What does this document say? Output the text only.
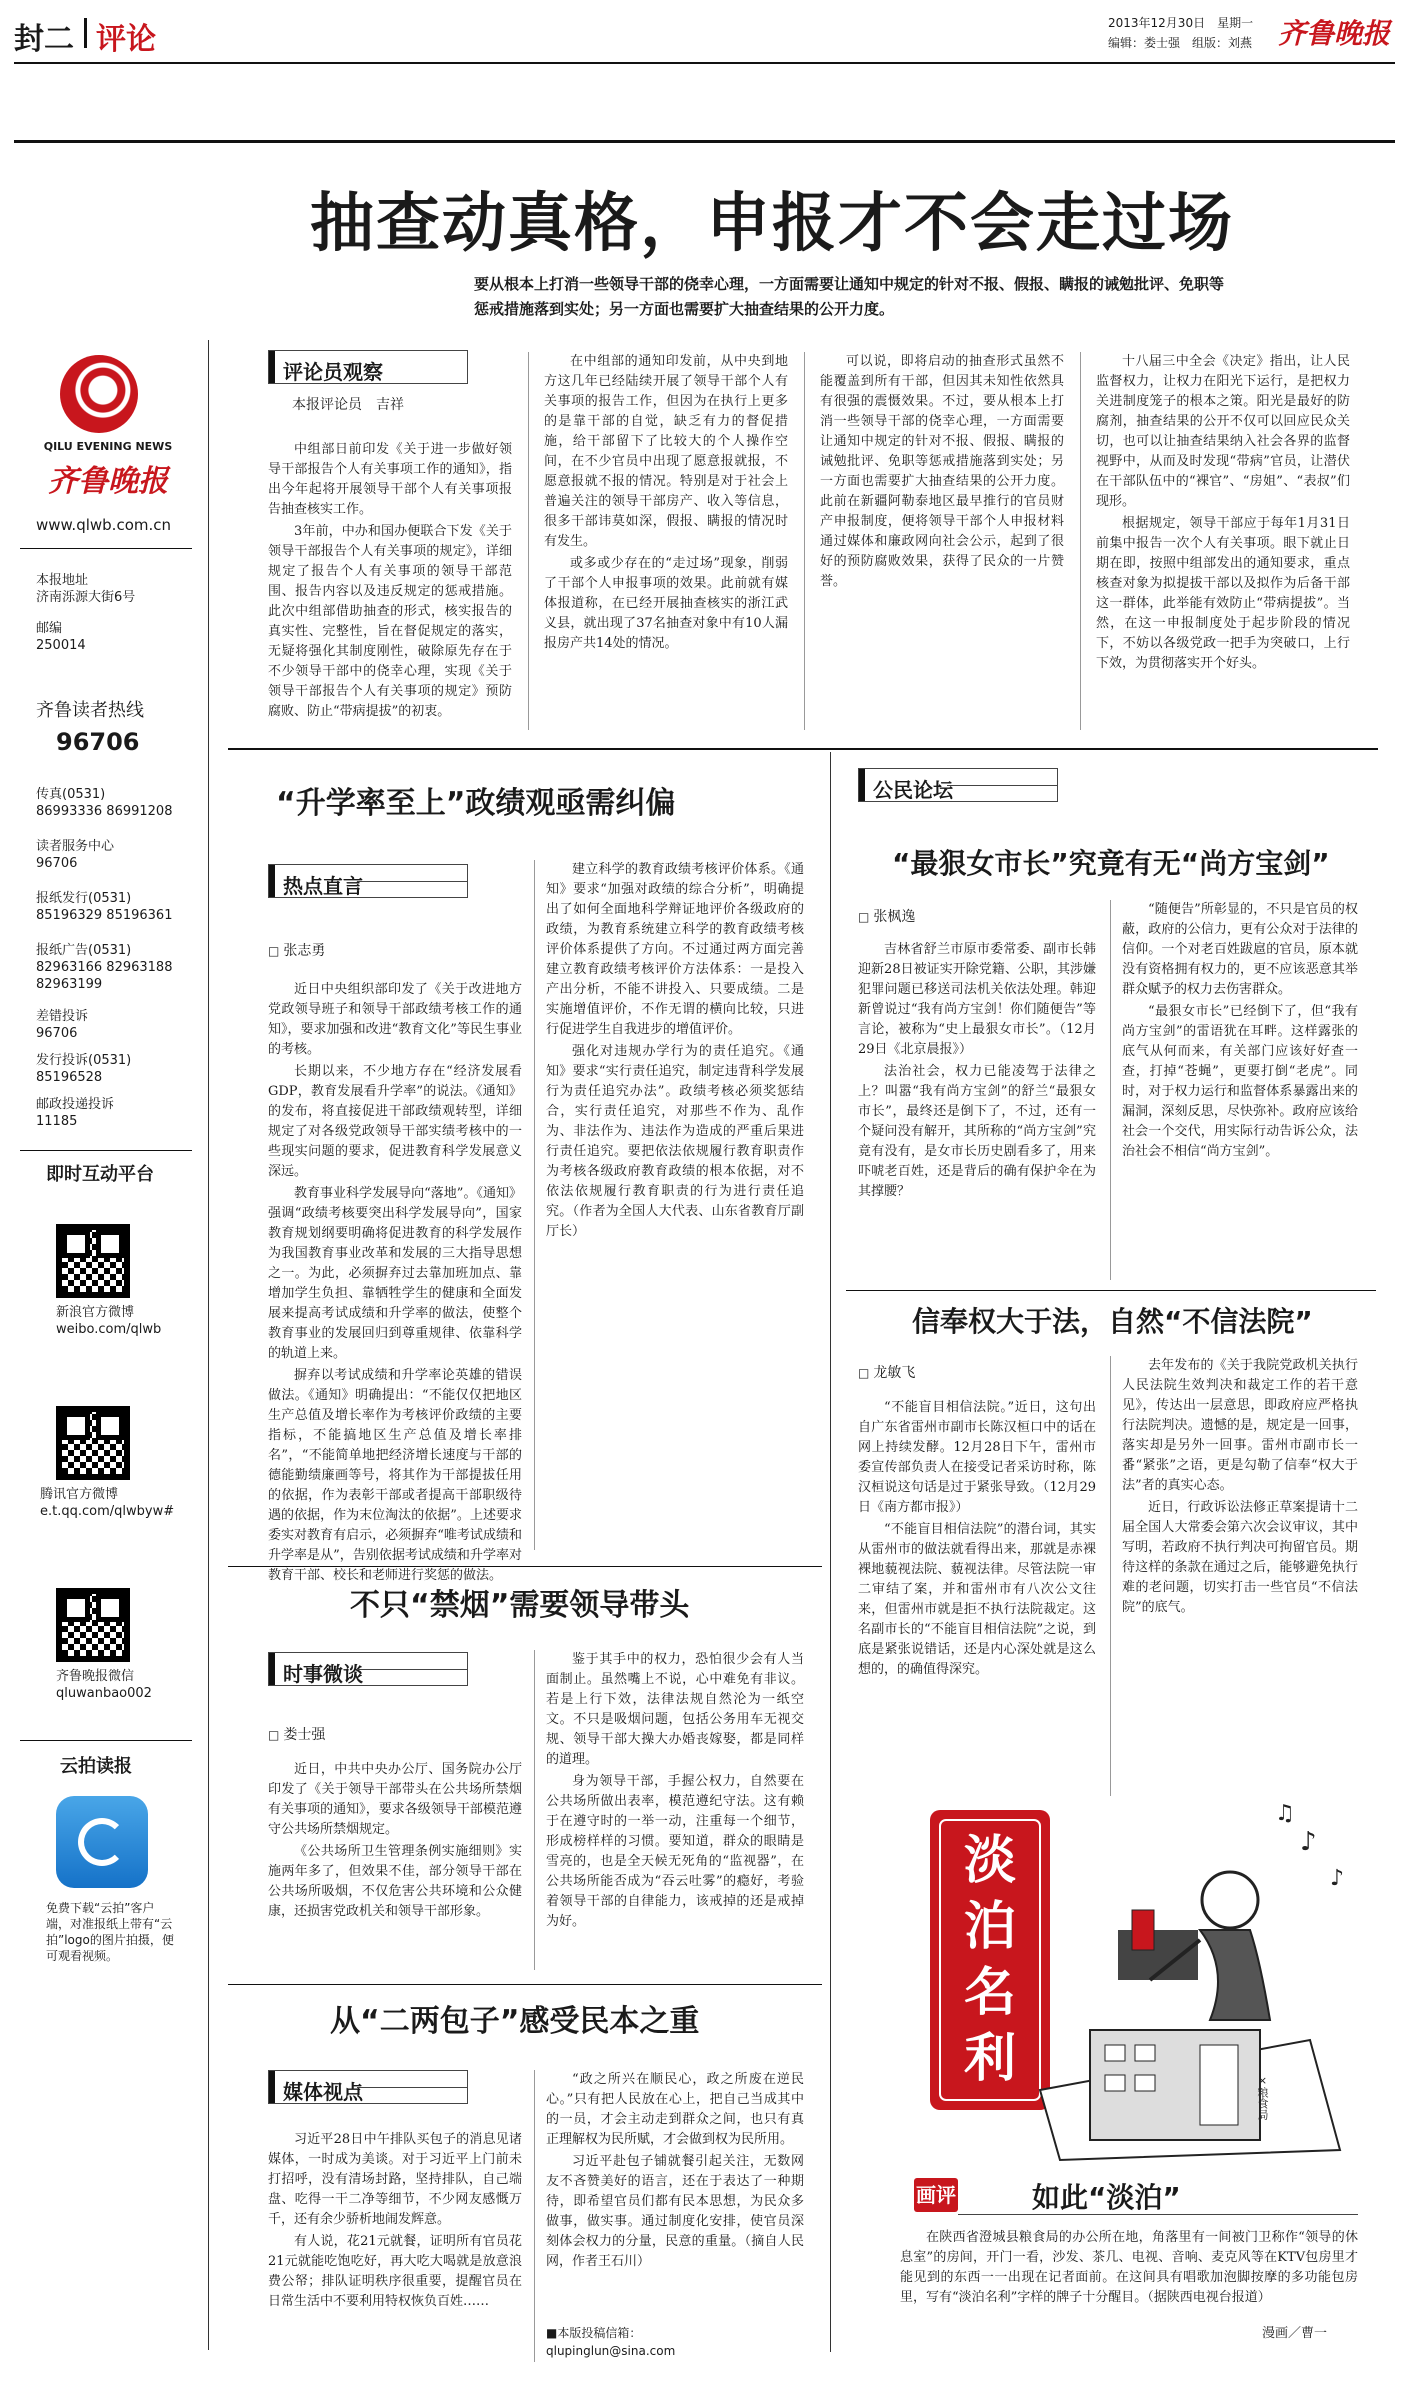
封二 评论	2013年12月30日　 星期一
编辑：娄士强　组版：刘燕 齐鲁晚报
QILU EVENING NEWS
齐鲁晚报
www.qlwb.com.cn
本报地址
济南泺源大街6号
邮编
250014
齐鲁读者热线
96706
传真(0531)
86993336 86991208
读者服务中心
96706
报纸发行(0531)
85196329 85196361
报纸广告(0531)
82963166 82963188 82963199
差错投诉
96706
发行投诉(0531)
85196528
邮政投递投诉
11185
即时互动平台
新浪官方微博
weibo.com/qlwb
腾讯官方微博
e.t.qq.com/qlwbyw#
齐鲁晚报微信
qluwanbao002
云拍读报
免费下载“云拍”客户端，对准报纸上带有“云拍”logo的图片拍摄，便可观看视频。
抽查动真格，申报才不会走过场
要从根本上打消一些领导干部的侥幸心理，一方面需要让通知中规定的针对不报、假报、瞒报的诫勉批评、免职等惩戒措施落到实处；另一方面也需要扩大抽查结果的公开力度。
评论员观察
本报评论员　吉祥

中组部日前印发《关于进一步做好领导干部报告个人有关事项工作的通知》，指出今年起将开展领导干部个人有关事项报告抽查核实工作。

3年前，中办和国办便联合下发《关于领导干部报告个人有关事项的规定》，详细规定了报告个人有关事项的领导干部范围、报告内容以及违反规定的惩戒措施。此次中组部借助抽查的形式，核实报告的真实性、完整性，旨在督促规定的落实，无疑将强化其制度刚性，破除原先存在于不少领导干部中的侥幸心理，实现《关于领导干部报告个人有关事项的规定》预防腐败、防止“带病提拔”的初衷。

在中组部的通知印发前，从中央到地方这几年已经陆续开展了领导干部个人有关事项的报告工作，但因为在执行上更多的是靠干部的自觉，缺乏有力的督促措施，给干部留下了比较大的个人操作空间，在不少官员中出现了愿意报就报，不愿意报就不报的情况。特别是对于社会上普遍关注的领导干部房产、收入等信息，很多干部讳莫如深，假报、瞒报的情况时有发生。

或多或少存在的“走过场”现象，削弱了干部个人申报事项的效果。此前就有媒体报道称，在已经开展抽查核实的浙江武义县，就出现了37名抽查对象中有10人漏报房产共14处的情况。

可以说，即将启动的抽查形式虽然不能覆盖到所有干部，但因其未知性依然具有很强的震慑效果。不过，要从根本上打消一些领导干部的侥幸心理，一方面需要让通知中规定的针对不报、假报、瞒报的诫勉批评、免职等惩戒措施落到实处；另一方面也需要扩大抽查结果的公开力度。此前在新疆阿勒泰地区最早推行的官员财产申报制度，便将领导干部个人申报材料通过媒体和廉政网向社会公示，起到了很好的预防腐败效果，获得了民众的一片赞誉。

十八届三中全会《决定》指出，让人民监督权力，让权力在阳光下运行，是把权力关进制度笼子的根本之策。阳光是最好的防腐剂，抽查结果的公开不仅可以回应民众关切，也可以让抽查结果纳入社会各界的监督视野中，从而及时发现“带病”官员，让潜伏在干部队伍中的“裸官”、“房姐”、“表叔”们现形。

根据规定，领导干部应于每年1月31日前集中报告一次个人有关事项。眼下就止日期在即，按照中组部发出的通知要求，重点核查对象为拟提拔干部以及拟作为后备干部这一群体，此举能有效防止“带病提拔”。当然，在这一申报制度处于起步阶段的情况下，不妨以各级党政一把手为突破口，上行下效，为贯彻落实开个好头。

“升学率至上”政绩观亟需纠偏
热点直言
□ 张志勇

近日中央组织部印发了《关于改进地方党政领导班子和领导干部政绩考核工作的通知》，要求加强和改进“教育文化”等民生事业的考核。

长期以来，不少地方存在“经济发展看GDP，教育发展看升学率”的说法。《通知》的发布，将直接促进干部政绩观转型，详细规定了对各级党政领导干部实绩考核中的一些现实问题的要求，促进教育科学发展意义深远。

教育事业科学发展导向“落地”。《通知》强调“政绩考核要突出科学发展导向”，国家教育规划纲要明确将促进教育的科学发展作为我国教育事业改革和发展的三大指导思想之一。为此，必须摒弃过去靠加班加点、靠增加学生负担、靠牺牲学生的健康和全面发展来提高考试成绩和升学率的做法，使整个教育事业的发展回归到尊重规律、依靠科学的轨道上来。

摒弃以考试成绩和升学率论英雄的错误做法。《通知》明确提出：“不能仅仅把地区生产总值及增长率作为考核评价政绩的主要指标，不能搞地区生产总值及增长率排名”，“不能简单地把经济增长速度与干部的德能勤绩廉画等号，将其作为干部提拔任用的依据，作为表彰干部或者提高干部职级待遇的依据，作为末位淘汰的依据”。上述要求委实对教育有启示，必须摒弃“唯考试成绩和升学率是从”，告别依据考试成绩和升学率对教育干部、校长和老师进行奖惩的做法。

建立科学的教育政绩考核评价体系。《通知》要求“加强对政绩的综合分析”，明确提出了如何全面地科学辩证地评价各级政府的政绩，为教育系统建立科学的教育政绩考核评价体系提供了方向。不过通过两方面完善建立教育政绩考核评价方法体系：一是投入产出分析，不能不讲投入、只要成绩。二是实施增值评价，不作无谓的横向比较，只进行促进学生自我进步的增值评价。

强化对违规办学行为的责任追究。《通知》要求“实行责任追究，制定违背科学发展行为责任追究办法”。政绩考核必须奖惩结合，实行责任追究，对那些不作为、乱作为、非法作为、违法作为造成的严重后果进行责任追究。要把依法依规履行教育职责作为考核各级政府教育政绩的根本依据，对不依法依规履行教育职责的行为进行责任追究。（作者为全国人大代表、山东省教育厅副厅长）

不只“禁烟”需要领导带头
时事微谈
□ 娄士强

近日，中共中央办公厅、国务院办公厅印发了《关于领导干部带头在公共场所禁烟有关事项的通知》，要求各级领导干部模范遵守公共场所禁烟规定。

《公共场所卫生管理条例实施细则》实施两年多了，但效果不佳，部分领导干部在公共场所吸烟，不仅危害公共环境和公众健康，还损害党政机关和领导干部形象。

鉴于其手中的权力，恐怕很少会有人当面制止。虽然嘴上不说，心中难免有非议。若是上行下效，法律法规自然沦为一纸空文。不只是吸烟问题，包括公务用车无视交规、领导干部大操大办婚丧嫁娶，都是同样的道理。

身为领导干部，手握公权力，自然要在公共场所做出表率，模范遵纪守法。这有赖于在遵守时的一举一动，注重每一个细节，形成榜样样的习惯。要知道，群众的眼睛是雪亮的，也是全天候无死角的“监视器”，在公共场所能否成为“吞云吐雾”的瘾好，考验着领导干部的自律能力，该戒掉的还是戒掉为好。

从“二两包子”感受民本之重
媒体视点

习近平28日中午排队买包子的消息见诸媒体，一时成为美谈。对于习近平上门前未打招呼，没有清场封路，坚持排队，自己端盘、吃得一干二净等细节，不少网友感慨万千，还有余少骄析地闹发辉意。

有人说，花21元就餐，证明所有官员花21元就能吃饱吃好，再大吃大喝就是放意浪费公帑；排队证明秩序很重要，提醒官员在日常生活中不要利用特权恢负百姓……

“政之所兴在顺民心，政之所废在逆民心。”只有把人民放在心上，把自己当成其中的一员，才会主动走到群众之间，也只有真正理解权为民所赋，才会做到权为民所用。

习近平赴包子铺就餐引起关注，无数网友不吝赞美好的语言，还在于表达了一种期待，即希望官员们都有民本思想，为民众多做事，做实事。通过制度化安排，使官员深刻体会权力的分量，民意的重量。（摘自人民网，作者王石川）

■本版投稿信箱：
qlupinglun@sina.com
公民论坛
“最狠女市长”究竟有无“尚方宝剑”
□ 张枫逸

吉林省舒兰市原市委常委、副市长韩迎新28日被证实开除党籍、公职，其涉嫌犯罪问题已移送司法机关依法处理。韩迎新曾说过“我有尚方宝剑！你们随便告”等言论，被称为“史上最狠女市长”。（12月29日《北京晨报》）

法治社会，权力已能凌驾于法律之上？叫嚣“我有尚方宝剑”的舒兰“最狠女市长”，最终还是倒下了，不过，还有一个疑问没有解开，其所称的“尚方宝剑”究竟有没有，是女市长历史剧看多了，用来吓唬老百姓，还是背后的确有保护伞在为其撑腰？

“随便告”所彰显的，不只是官员的权蔽，政府的公信力，更有公众对于法律的信仰。一个对老百姓跋扈的官员，原本就没有资格拥有权力的，更不应该恶意其举群众赋予的权力去伤害群众。

“最狠女市长”已经倒下了，但“我有尚方宝剑”的雷语犹在耳畔。这样露张的底气从何而来，有关部门应该好好查一查，打掉“苍蝇”，更要打倒“老虎”。同时，对于权力运行和监督体系暴露出来的漏洞，深刻反思，尽快弥补。政府应该给社会一个交代，用实际行动告诉公众，法治社会不相信“尚方宝剑”。

信奉权大于法，自然“不信法院”
□ 龙敏飞

“不能盲目相信法院。”近日，这句出自广东省雷州市副市长陈汉桓口中的话在网上持续发酵。12月28日下午，雷州市委宣传部负责人在接受记者采访时称，陈汉桓说这句话是过于紧张导致。（12月29日《南方都市报》）

“不能盲目相信法院”的潜台词，其实从雷州市的做法就看得出来，那就是赤裸裸地藐视法院、藐视法律。尽管法院一审二审结了案，并和雷州市有八次公文往来，但雷州市就是拒不执行法院裁定。这名副市长的“不能盲目相信法院”之说，到底是紧张说错话，还是内心深处就是这么想的，的确值得深究。

去年发布的《关于我院党政机关执行人民法院生效判决和裁定工作的若干意见》，传达出一层意思，即政府应严格执行法院判决。遗憾的是，规定是一回事，落实却是另外一回事。雷州市副市长一番“紧张”之语，更是勾勒了信奉“权大于法”者的真实心态。

近日，行政诉讼法修正草案提请十二届全国人大常委会第六次会议审议，其中写明，若政府不执行判决可拘留官员。期待这样的条款在通过之后，能够避免执行难的老问题，切实打击一些官员“不信法院”的底气。

♪
♫
♪
淡泊名利
×粮食局
画评	如此“淡泊”

在陕西省澄城县粮食局的办公所在地，角落里有一间被门卫称作“领导的休息室”的房间，开门一看，沙发、茶几、电视、音响、麦克风等在KTV包房里才能见到的东西一一出现在记者面前。在这间具有唱歌加泡脚按摩的多功能包房里，写有“淡泊名利”字样的牌子十分醒目。（据陕西电视台报道）

漫画／曹一
